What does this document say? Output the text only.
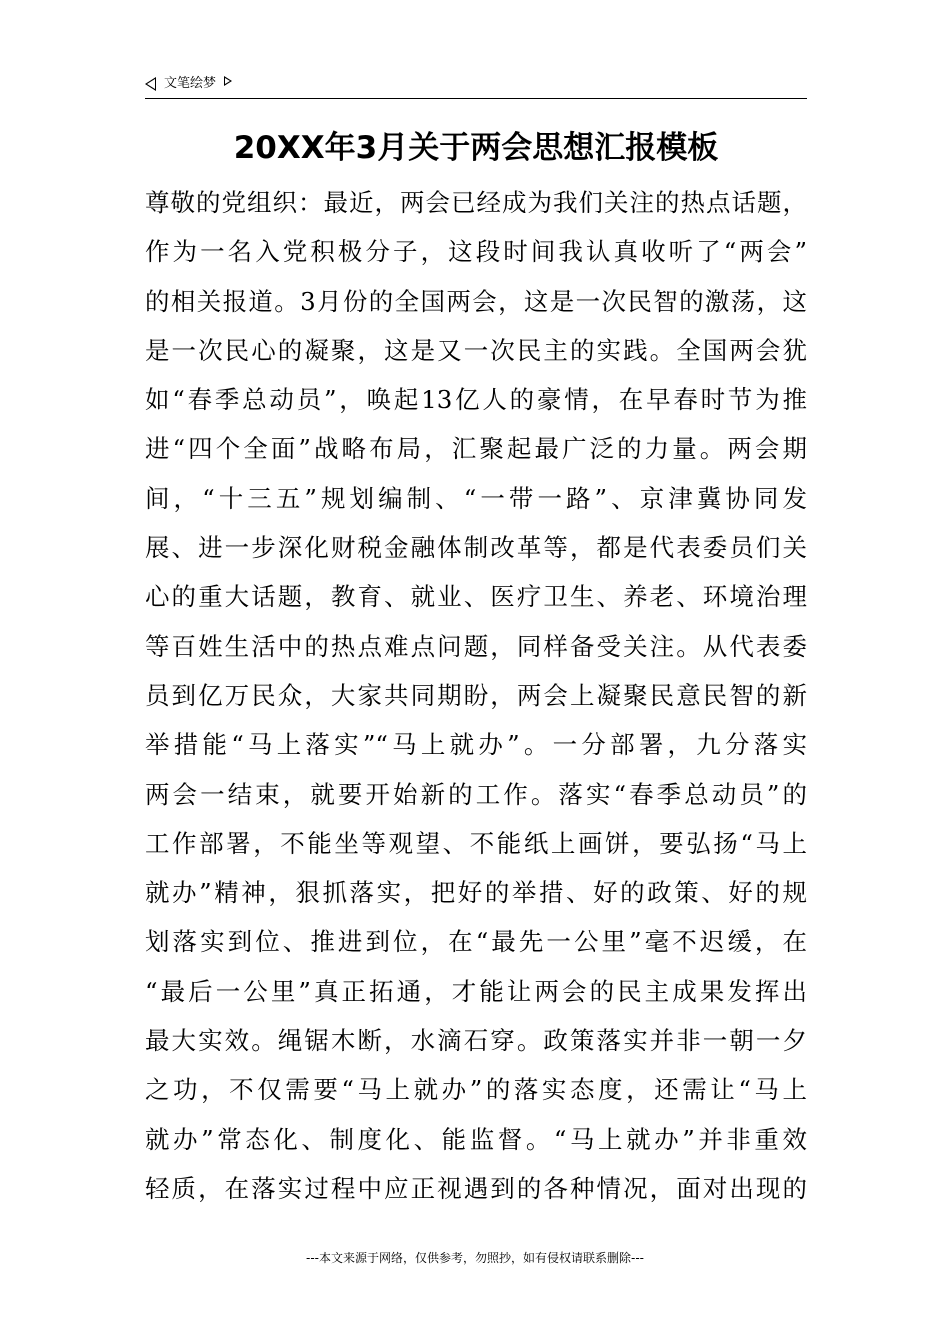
文笔绘梦
20XX年3月关于两会思想汇报模板
尊敬的党组织：最近，两会已经成为我们关注的热点话题，
作为一名入党积极分子，这段时间我认真收听了“两会”
的相关报道。3月份的全国两会，这是一次民智的激荡，这
是一次民心的凝聚，这是又一次民主的实践。全国两会犹
如“春季总动员”，唤起13亿人的豪情，在早春时节为推
进“四个全面”战略布局，汇聚起最广泛的力量。两会期
间，“十三五”规划编制、“一带一路”、京津冀协同发
展、进一步深化财税金融体制改革等，都是代表委员们关
心的重大话题，教育、就业、医疗卫生、养老、环境治理
等百姓生活中的热点难点问题，同样备受关注。从代表委
员到亿万民众，大家共同期盼，两会上凝聚民意民智的新
举措能“马上落实”“马上就办”。一分部署，九分落实
两会一结束，就要开始新的工作。落实“春季总动员”的
工作部署，不能坐等观望、不能纸上画饼，要弘扬“马上
就办”精神，狠抓落实，把好的举措、好的政策、好的规
划落实到位、推进到位，在“最先一公里”毫不迟缓，在
“最后一公里”真正拓通，才能让两会的民主成果发挥出
最大实效。绳锯木断，水滴石穿。政策落实并非一朝一夕
之功，不仅需要“马上就办”的落实态度，还需让“马上
就办”常态化、制度化、能监督。“马上就办”并非重效
轻质，在落实过程中应正视遇到的各种情况，面对出现的
---本文来源于网络，仅供参考，勿照抄，如有侵权请联系删除---
